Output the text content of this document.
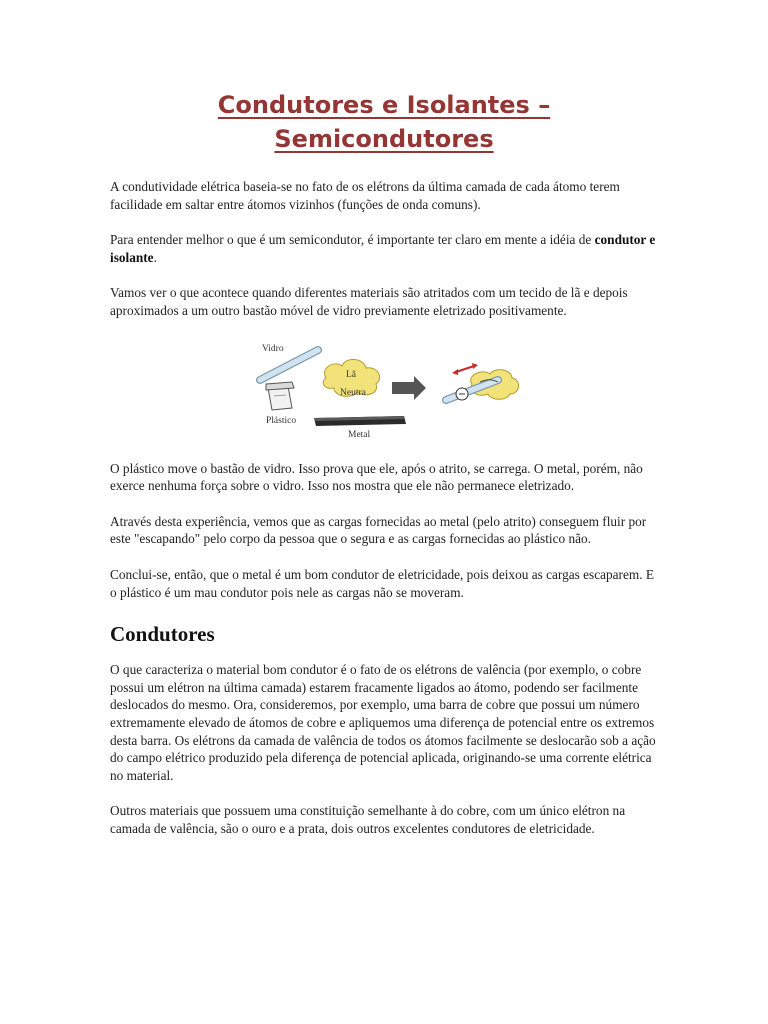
Condutores e Isolantes –
Semicondutores

A condutividade elétrica baseia-se no fato de os elétrons da última camada de cada átomo terem facilidade em saltar entre átomos vizinhos (funções de onda comuns).

Para entender melhor o que é um semicondutor, é importante ter claro em mente a idéia de condutor e isolante.

Vamos ver o que acontece quando diferentes materiais são atritados com um tecido de lã e depois aproximados a um outro bastão móvel de vidro previamente eletrizado positivamente.

Vidro
Lã
Neutra
Plástico
Metal

O plástico move o bastão de vidro. Isso prova que ele, após o atrito, se carrega. O metal, porém, não exerce nenhuma força sobre o vidro. Isso nos mostra que ele não permanece eletrizado.

Através desta experiência, vemos que as cargas fornecidas ao metal (pelo atrito) conseguem fluir por este "escapando" pelo corpo da pessoa que o segura e as cargas fornecidas ao plástico não.

Conclui-se, então, que o metal é um bom condutor de eletricidade, pois deixou as cargas escaparem. E o plástico é um mau condutor pois nele as cargas não se moveram.

Condutores

O que caracteriza o material bom condutor é o fato de os elétrons de valência (por exemplo, o cobre possui um elétron na última camada) estarem fracamente ligados ao átomo, podendo ser facilmente deslocados do mesmo. Ora, consideremos, por exemplo, uma barra de cobre que possui um número extremamente elevado de átomos de cobre e apliquemos uma diferença de potencial entre os extremos desta barra. Os elétrons da camada de valência de todos os átomos facilmente se deslocarão sob a ação do campo elétrico produzido pela diferença de potencial aplicada, originando-se uma corrente elétrica no material.

Outros materiais que possuem uma constituição semelhante à do cobre, com um único elétron na camada de valência, são o ouro e a prata, dois outros excelentes condutores de eletricidade.
